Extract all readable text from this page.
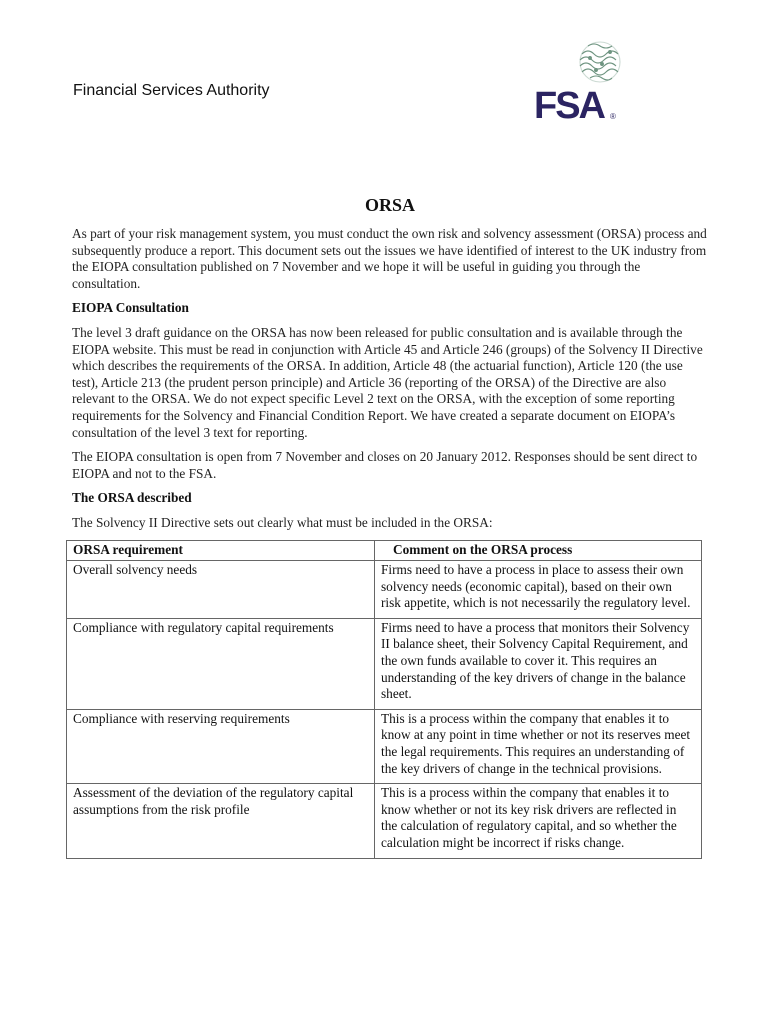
Financial Services Authority	FSA ®
ORSA

As part of your risk management system, you must conduct the own risk and solvency assessment (ORSA) process and subsequently produce a report. This document sets out the issues we have identified of interest to the UK industry from the EIOPA consultation published on 7 November and we hope it will be useful in guiding you through the consultation.

EIOPA Consultation

The level 3 draft guidance on the ORSA has now been released for public consultation and is available through the EIOPA website. This must be read in conjunction with Article 45 and Article 246 (groups) of the Solvency II Directive which describes the requirements of the ORSA. In addition, Article 48 (the actuarial function), Article 120 (the use test), Article 213 (the prudent person principle) and Article 36 (reporting of the ORSA) of the Directive are also relevant to the ORSA. We do not expect specific Level 2 text on the ORSA, with the exception of some reporting requirements for the Solvency and Financial Condition Report. We have created a separate document on EIOPA’s consultation of the level 3 text for reporting.

The EIOPA consultation is open from 7 November and closes on 20 January 2012. Responses should be sent direct to EIOPA and not to the FSA.

The ORSA described

The Solvency II Directive sets out clearly what must be included in the ORSA:

ORSA requirement	Comment on the ORSA process
Overall solvency needs	Firms need to have a process in place to assess their own solvency needs (economic capital), based on their own risk appetite, which is not necessarily the regulatory level.
Compliance with regulatory capital requirements	Firms need to have a process that monitors their Solvency II balance sheet, their Solvency Capital Requirement, and the own funds available to cover it. This requires an understanding of the key drivers of change in the balance sheet.
Compliance with reserving requirements	This is a process within the company that enables it to know at any point in time whether or not its reserves meet the legal requirements. This requires an understanding of the key drivers of change in the technical provisions.
Assessment of the deviation of the regulatory capital assumptions from the risk profile	This is a process within the company that enables it to know whether or not its key risk drivers are reflected in the calculation of regulatory capital, and so whether the calculation might be incorrect if risks change.
